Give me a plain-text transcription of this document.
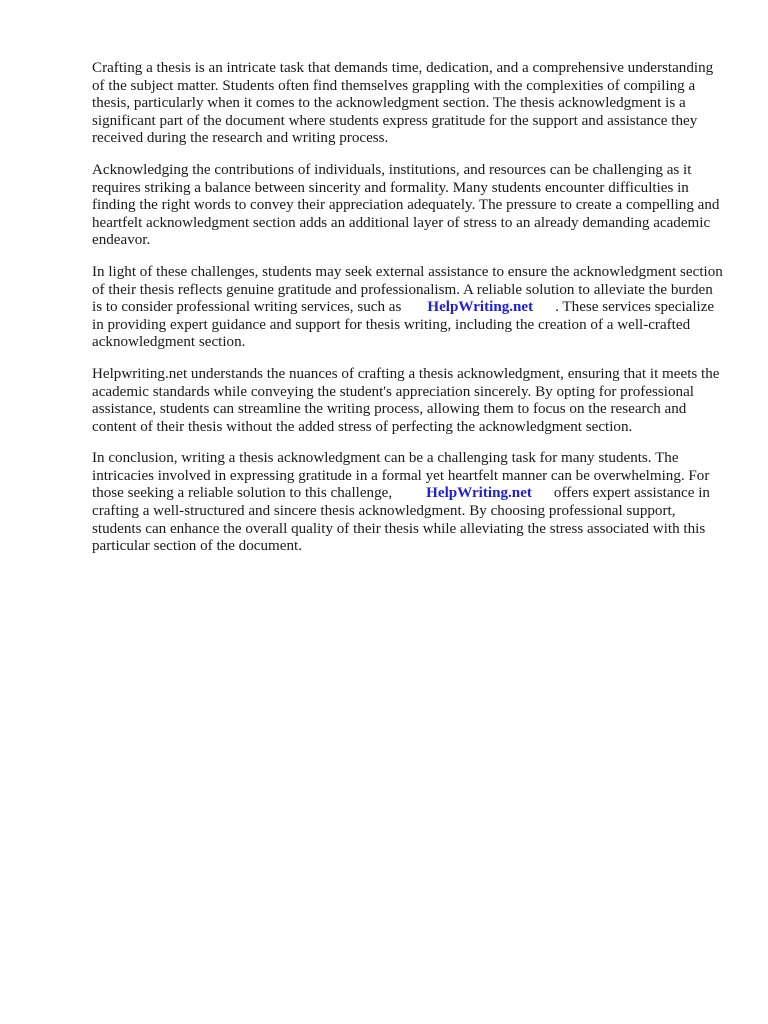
Crafting a thesis is an intricate task that demands time, dedication, and a comprehensive understanding of the subject matter. Students often find themselves grappling with the complexities of compiling a thesis, particularly when it comes to the acknowledgment section. The thesis acknowledgment is a significant part of the document where students express gratitude for the support and assistance they received during the research and writing process.

Acknowledging the contributions of individuals, institutions, and resources can be challenging as it requires striking a balance between sincerity and formality. Many students encounter difficulties in finding the right words to convey their appreciation adequately. The pressure to create a compelling and heartfelt acknowledgment section adds an additional layer of stress to an already demanding academic endeavor.

In light of these challenges, students may seek external assistance to ensure the acknowledgment section of their thesis reflects genuine gratitude and professionalism. A reliable solution to alleviate the burden is to consider professional writing services, such as HelpWriting.net . These services specialize in providing expert guidance and support for thesis writing, including the creation of a well-crafted acknowledgment section.

Helpwriting.net understands the nuances of crafting a thesis acknowledgment, ensuring that it meets the academic standards while conveying the student's appreciation sincerely. By opting for professional assistance, students can streamline the writing process, allowing them to focus on the research and content of their thesis without the added stress of perfecting the acknowledgment section.

In conclusion, writing a thesis acknowledgment can be a challenging task for many students. The intricacies involved in expressing gratitude in a formal yet heartfelt manner can be overwhelming. For those seeking a reliable solution to this challenge, HelpWriting.net offers expert assistance in crafting a well-structured and sincere thesis acknowledgment. By choosing professional support, students can enhance the overall quality of their thesis while alleviating the stress associated with this particular section of the document.
